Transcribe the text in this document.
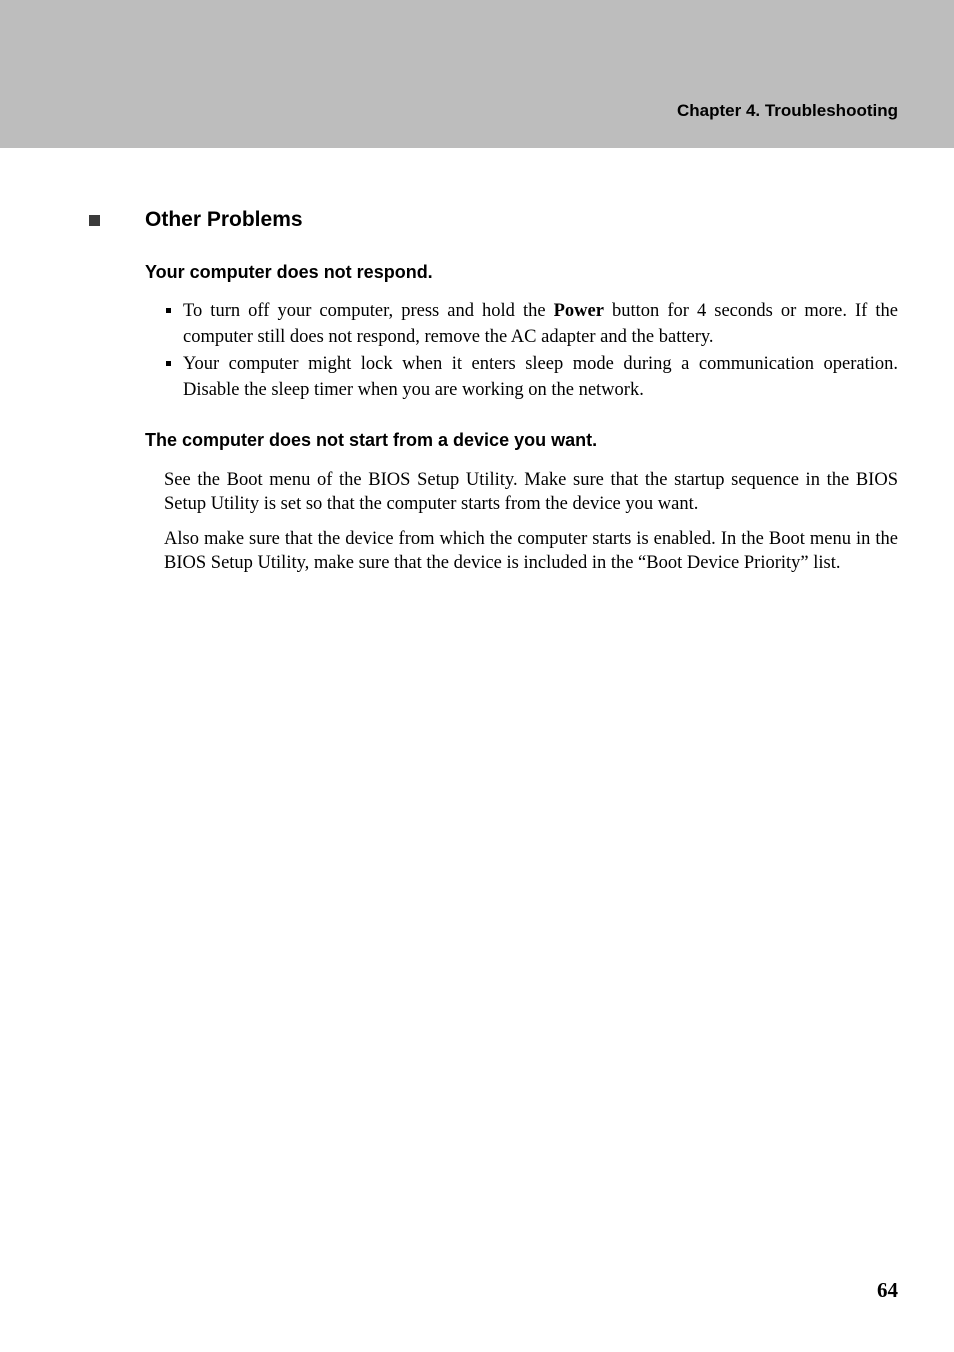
Chapter 4. Troubleshooting
Other Problems
Your computer does not respond.
To turn off your computer, press and hold the Power button for 4 seconds or more. If the computer still does not respond, remove the AC adapter and the battery.
Your computer might lock when it enters sleep mode during a communication operation. Disable the sleep timer when you are working on the network.
The computer does not start from a device you want.

See the Boot menu of the BIOS Setup Utility. Make sure that the startup sequence in the BIOS Setup Utility is set so that the computer starts from the device you want.

Also make sure that the device from which the computer starts is enabled. In the Boot menu in the BIOS Setup Utility, make sure that the device is included in the “Boot Device Priority” list.

64
